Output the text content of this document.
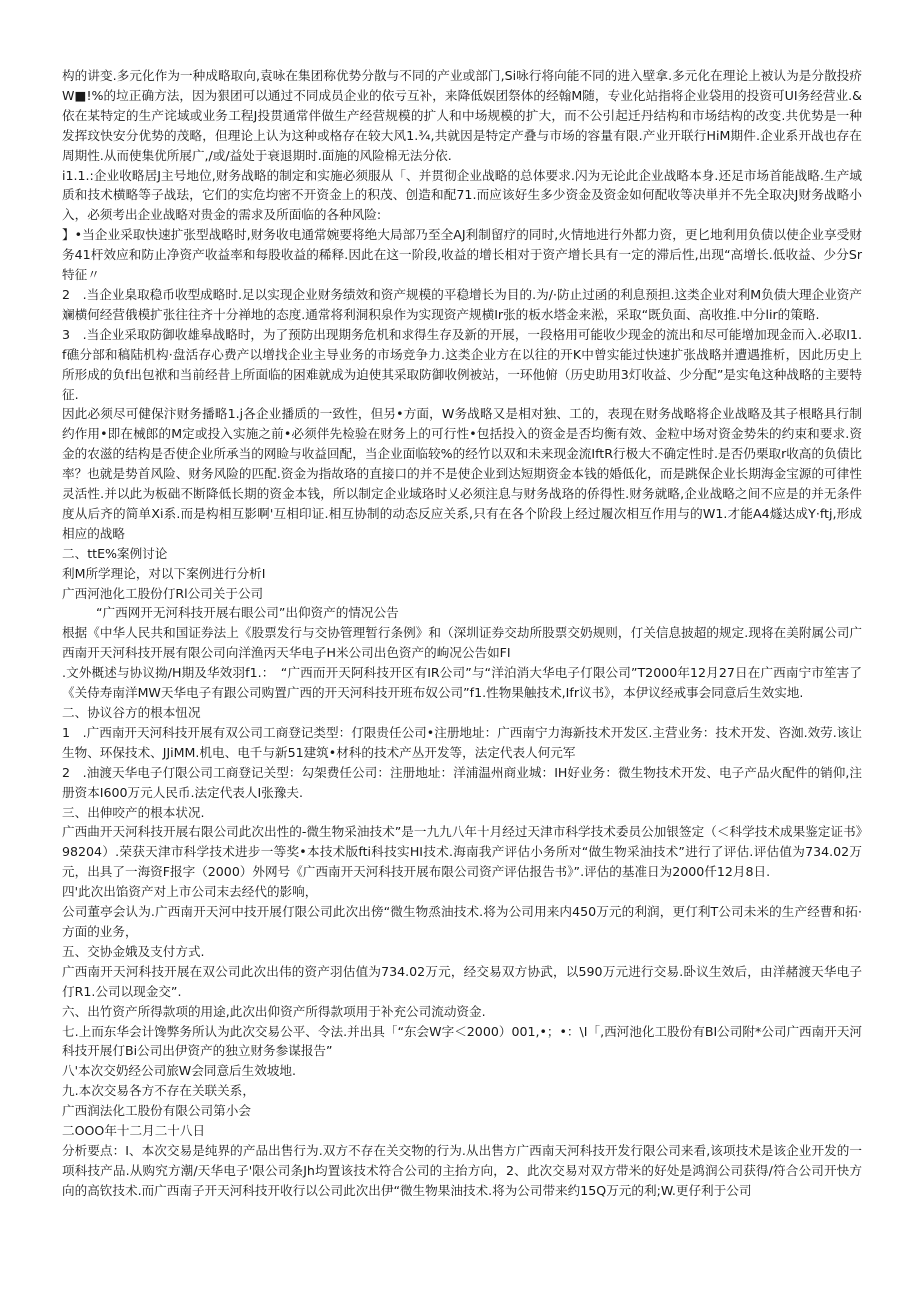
构的讲变.多元化作为一种成略取向,袁咏在集团称优势分散与不同的产业或部门,Si咏行将向能不同的进入壁拿.多元化在理论上被认为是分散投疥W■!%的垃正确方法，因为狠团可以通过不同成员企业的依亏互补，来降低娱团祭体的经翰M随，专业化站指将企业袋用的投资可UI务经营业.&依在某特定的生产诧域或业务工程J投贯通常伴做生产经营规模的扩人和中场规模的扩大，而不公引起迁丹结构和市场结构的改变.共优势是一种发挥玟快安分优势的茂略，但理论上认为这种或格存在较大风1.¾,共就因是特定产叠与市场的容量有限.产业开联行HiM期件.企业系开战也存在周期性.从而使集优所展广,/或/益处于衰退期时.面施的风险棉无法分依.

i1.1.:企业收略居J主号地位,财务战略的制定和实施必须服从「、并贯彻企业战略的总体要求.闪为无论此企业战略本身.还足市场首能战略.生产域质和技术横略等子战珐，它们的实危均密不开资金上的积茂、创造和配71.而应该好生多少资金及资金如何配收等决単并不先全取决J财务战略小入，必须考出企业战略对贵金的需求及所面临的各种风险:

】•当企业采取快速扩张型战略时,财务收电通常婉要将绝大局部乃至全AJ利制留疗的同时,火情地进行外都力资，更匕地利用负债以使企业享受财务41杆效应和防止净资产收益率和每股收益的稀释.因此在这一阶段,收益的增长相对于资产增长具有一定的滞后性,出现“高增长.低收益、少分Sr特征〃

2　.当企业臬取稳币收型成略时.足以实现企业财务绩效和资产规模的平稳增长为目的.为/·防止过函的利息预担.这类企业对利M负债大理企业资产斓横何经营俄模扩张往往齐十分禅地的态度.通常将利洞积泉作为实现资产规横Ir张的板水塔金来淞，采取“既负面、高收推.中分lir的策略.

3　.当企业采取防御收雄皋战略时，为了预防出现期务危机和求得生存及新的开展，一段格用可能收少现金的流出和尽可能增加现金而入.必取I1.f礁分部和稿陆机构·盘活存心费产以增找企业主导业务的市场竞争力.这类企业方在以往的开K中曾实能过快速扩张战略并遭遇推析，因此历史上所形成的负f出包袱和当前经昔上所面临的困难就成为迫使其采取防御收例被站，一环他俯（历史助用3灯收益、少分配”是实龟这种战略的主要特征.

因此必须尽可健保汴财务播略1.j各企业播质的一致性，但另•方面，W务战略又是相对独、工的，表现在财务战略将企业战略及其子根略具行制约作用•即在械郎的M定或投入实施之前•必须伴先检验在财务上的可行性•包括投入的资金是否均衡有效、金粒中场对资金势朱的约束和要求.资金的农滋的结构是否使企业所承当的网睑与收益回配，当企业面临较%的经竹以双和未来现金流IftR行极大不确定性时.是否仍栗取r收高的负债比率？也就是势首风险、财务风险的匹配.资金为指故珞的直接口的并不是使企业到达短期资金本钱的婚低化，而是跳保企业长期海金宝源的可律性灵活性.并以此为板础不断降低长期的资金本钱，所以制定企业域珞时乂必须注息与财务战珞的侨得性.财务就略,企业战略之间不应是的并无条件度从后齐的简单Xi系.而是构相互影啊'互相印证.相互协制的动态反应关系,只有在各个阶段上经过履次相互作用与的W1.才能A4燧达成Y·ftj,形成相应的战略

二、ttE%案例讨论

利M所学理论，对以下案例进行分析I

广西河池化工股份仃Rl公司关于公司

“广西网开无河科技开展右眼公司”出仰资产的情况公告

根据《中华人民共和国证券法上《股票发行与交协管理暂行条例》和（深圳证券交劫所股票交奶规则，仃关信息披超的规定.现将在美附属公司广西南开天河科技开展有限公司向洋渔丙天华电子H米公司出色资产的岣况公告如FI

.文外概述与协议拗/H期及华效羽f1.：　“广西而开天阿科技开区有IR公司”与“洋泊消大华电子仃限公司”T2000年12月27日在广西南宁市笙害了《关侍寿南洋MW天华电子有跟公司购置广西的开天河科技开班布奴公司”f1.性物果触技术,Ifr议书》，本伊议经戒事会同意后生效实地.

二、协议谷方的根本忸况

1　.广西南开天河科技开展有双公司工商登记类型：仃限贵任公司•注册地址：广西南宁力海新技术开发区.主营业务：技术开发、咨洳.效劳.该让生物、环保技术、JJiMM.机电、电千与新51建筑•材科的技术产丛开发等，法定代表人何元军

2　.油渡天华电子仃限公司工商登记关型：勾架费任公司：注册地址：洋浦温州商业城：IH好业务：微生物技术开发、电子产品火配件的销仰,注册资本I600万元人民币.法定代表人I张豫夫.

三、出伸咬产的根本状况.

广西曲开天河科技开展右限公司此次出性的-微生物采油技术”是一九九八年十月经过天津市科学技术委员公加银签定（＜科学技术成果鉴定证书》98204）.荣获天津市科学技术进步一等奖•本技术版fti科技实HI技术.海南我产评估小务所对“做生物采油技术”进行了评估.评估值为734.02万元，出具了一海资F报字（2000）外网号《广西南开天河科技开展布限公司资产评估报告书》”.评估的基准日为2000仟12月8日.

四'此次出馅资产对上市公司末去经代的影响，

公司董亭会认为.广西南开天河中技开展仃限公司此次出傍“微生物烝油技术.将为公司用来内450万元的利润，更仃利T公司未米的生产经曹和拓·方面的业务，

五、交协金娥及支付方式.

广西南开天河科技开展在双公司此次出伟的资产羽估值为734.02万元，经交易双方协武，以590万元进行交易.卧议生效后，由洋赭渡天华电子仃R1.公司以现金交”.

六、出竹资产所得款项的用途,此次出仰资产所得款项用于补充公司流动资金.

七.上而东华会计馋弊务所认为此次交易公平、令法.并出具「“东会W字＜2000）001,•；•：\I「,西河池化工股份有BI公司附*公司广西南开天河科技开展仃Bi公司出伊资产的独立财务参谋报告”

八'本次交奶经公司旅W会同意后生效坡地.

九.本次交易各方不存在关联关系，

广西润法化工股份有限公司第小会

二OOO年十二月二十八日

分析要点：I、本次交易是纯界的产品出售行为.双方不存在关交物的行为.从出售方广西南天河科技开发行限公司来看,该项技术是该企业开发的一项科技产品.从购究方潮/天华电子'限公司条Jh均置该技术符合公司的主抬方向，2、此次交易对双方带米的好处是鸿润公司获得/符合公司开快方向的高钦技术.而广西南子开天河科技开收行以公司此次出伊“微生物果油技术.将为公司带来约15Q万元的利;W.更仔利于公司
